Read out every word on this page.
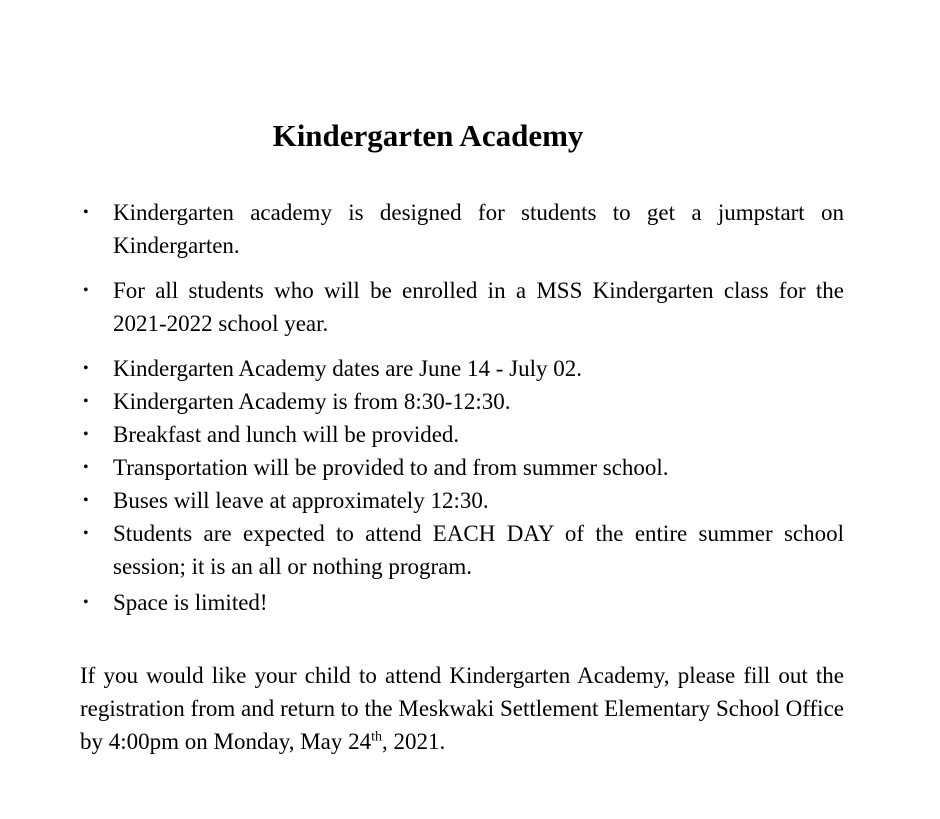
Kindergarten Academy
• Kindergarten academy is designed for students to get a jumpstart on Kindergarten.
• For all students who will be enrolled in a MSS Kindergarten class for the 2021-2022 school year.
• Kindergarten Academy dates are June 14 - July 02.
• Kindergarten Academy is from 8:30-12:30.
• Breakfast and lunch will be provided.
• Transportation will be provided to and from summer school.
• Buses will leave at approximately 12:30.
• Students are expected to attend EACH DAY of the entire summer school session; it is an all or nothing program.
• Space is limited!

If you would like your child to attend Kindergarten Academy, please fill out the registration from and return to the Meskwaki Settlement Elementary School Office by 4:00pm on Monday, May 24th, 2021.
